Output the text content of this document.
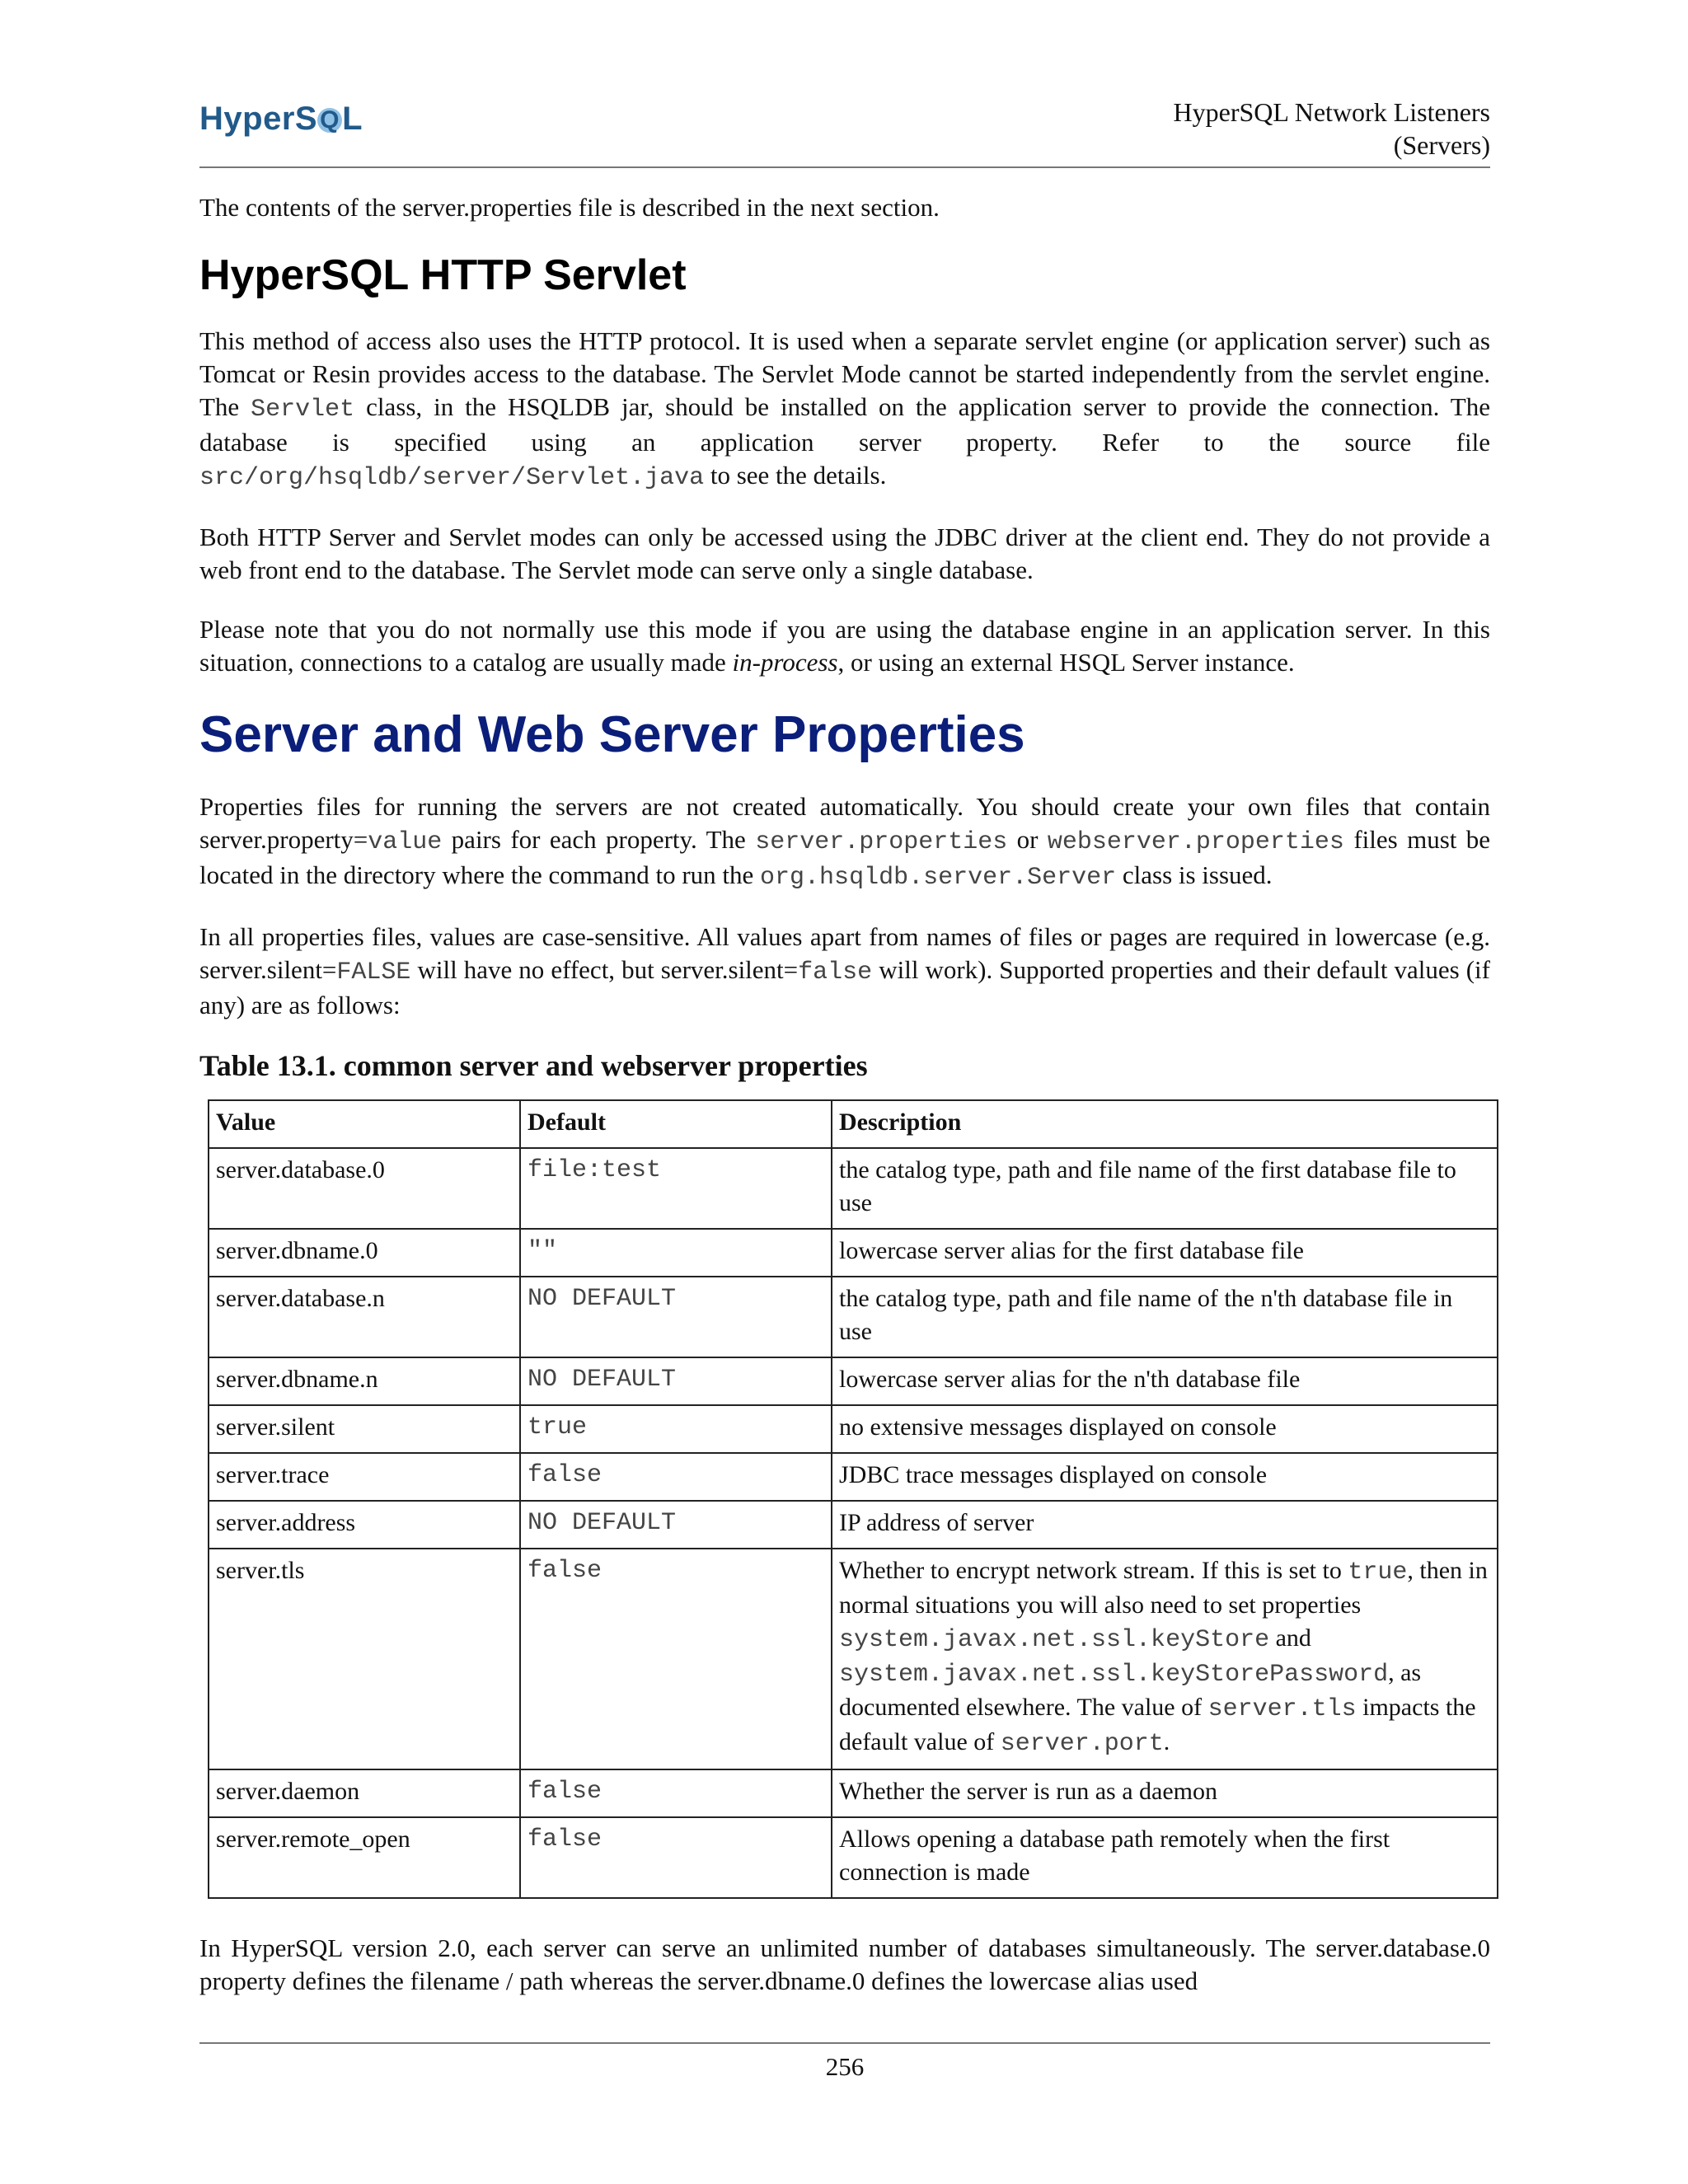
HyperS QL	HyperSQL Network Listeners
(Servers)

The contents of the server.properties file is described in the next section.

HyperSQL HTTP Servlet

This method of access also uses the HTTP protocol. It is used when a separate servlet engine (or application server) such as Tomcat or Resin provides access to the database. The Servlet Mode cannot be started independently from the servlet engine. The Servlet class, in the HSQLDB jar, should be installed on the application server to provide the connection. The database is specified using an application server property. Refer to the source file src/org/hsqldb/server/Servlet.java to see the details.

Both HTTP Server and Servlet modes can only be accessed using the JDBC driver at the client end. They do not provide a web front end to the database. The Servlet mode can serve only a single database.

Please note that you do not normally use this mode if you are using the database engine in an application server. In this situation, connections to a catalog are usually made in-process, or using an external HSQL Server instance.

Server and Web Server Properties

Properties files for running the servers are not created automatically. You should create your own files that contain server.property=value pairs for each property. The server.properties or webserver.properties files must be located in the directory where the command to run the org.hsqldb.server.Server class is issued.

In all properties files, values are case-sensitive. All values apart from names of files or pages are required in lowercase (e.g. server.silent=FALSE will have no effect, but server.silent=false will work). Supported properties and their default values (if any) are as follows:

Table 13.1. common server and webserver properties
Value	Default	Description
server.database.0	file:test	the catalog type, path and file name of the first database file to use
server.dbname.0	""	lowercase server alias for the first database file
server.database.n	NO DEFAULT	the catalog type, path and file name of the n'th database file in use
server.dbname.n	NO DEFAULT	lowercase server alias for the n'th database file
server.silent	true	no extensive messages displayed on console
server.trace	false	JDBC trace messages displayed on console
server.address	NO DEFAULT	IP address of server
server.tls	false	Whether to encrypt network stream. If this is set to true, then in normal situations you will also need to set properties system.javax.net.ssl.keyStore and system.javax.net.ssl.keyStorePassword, as documented elsewhere. The value of server.tls impacts the default value of server.port.
server.daemon	false	Whether the server is run as a daemon
server.remote_open	false	Allows opening a database path remotely when the first connection is made

In HyperSQL version 2.0, each server can serve an unlimited number of databases simultaneously. The server.database.0 property defines the filename / path whereas the server.dbname.0 defines the lowercase alias used

256
